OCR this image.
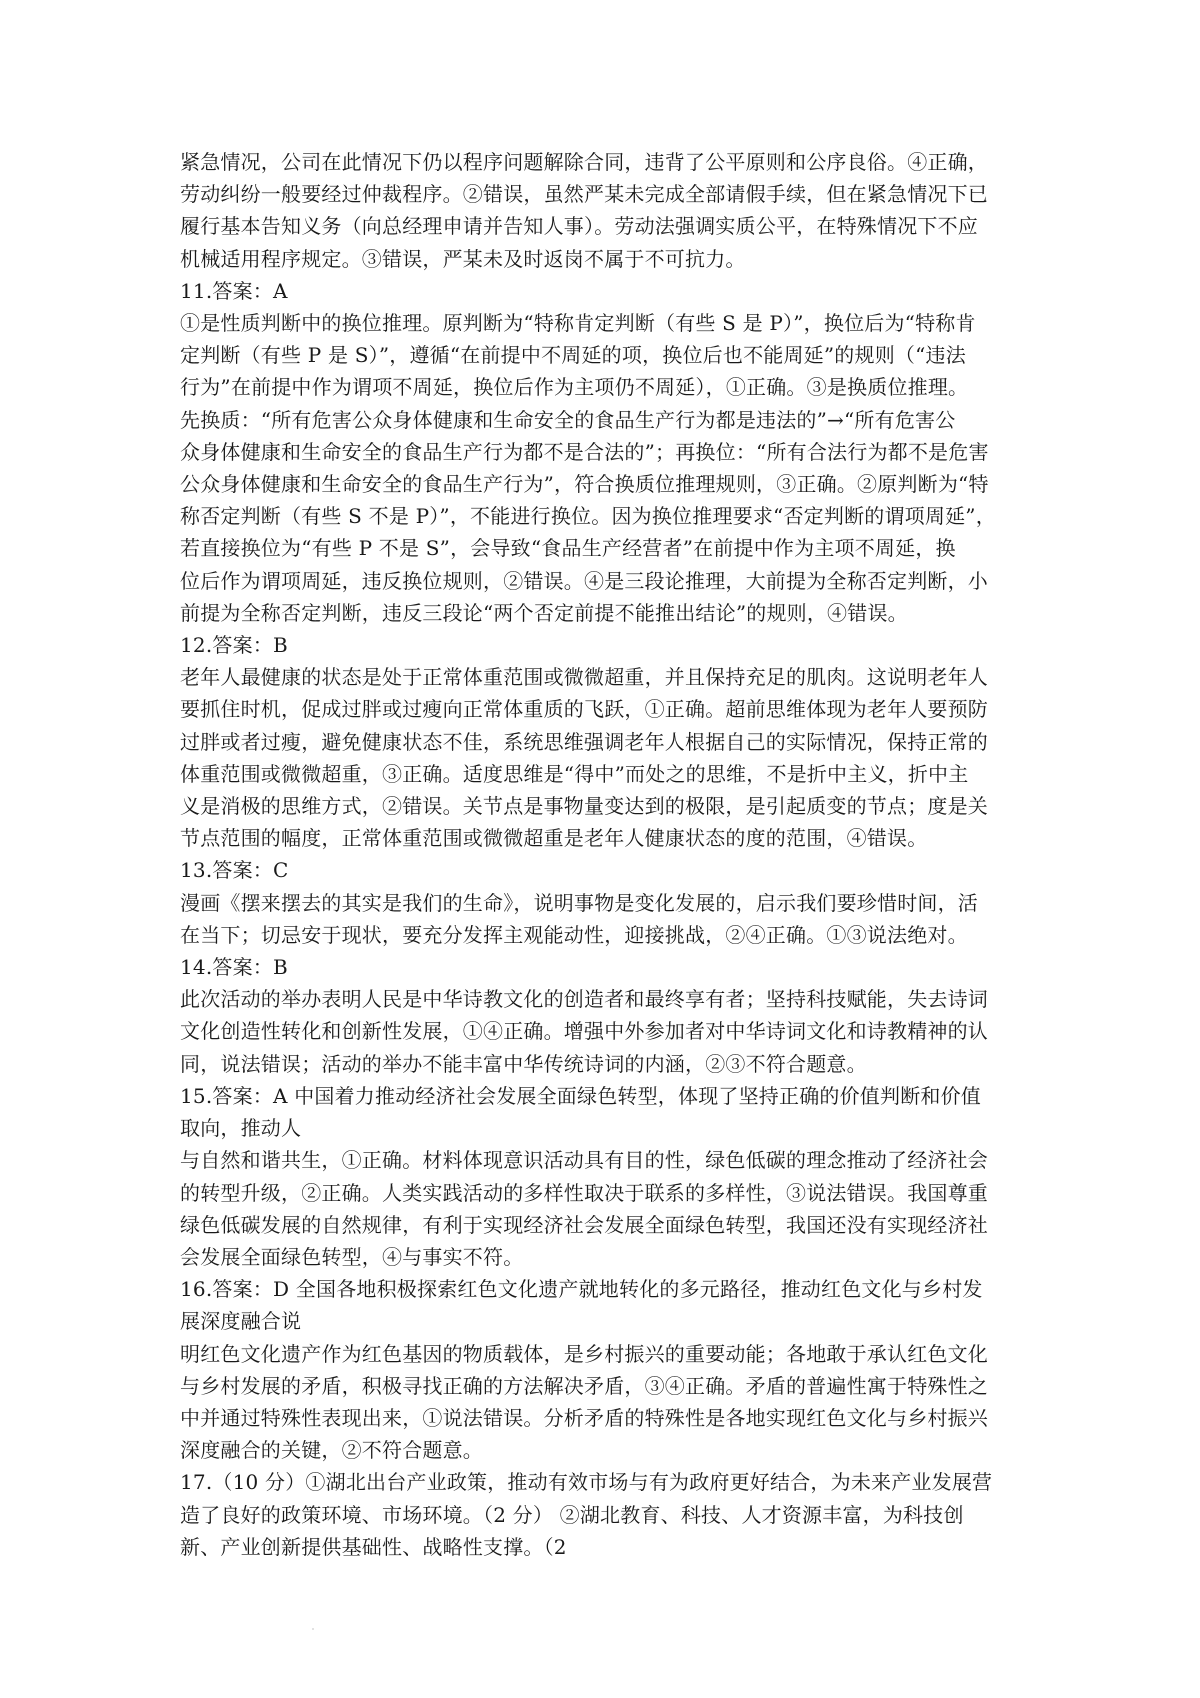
紧急情况，公司在此情况下仍以程序问题解除合同，违背了公平原则和公序良俗。④正确，

劳动纠纷一般要经过仲裁程序。②错误，虽然严某未完成全部请假手续，但在紧急情况下已

履行基本告知义务（向总经理申请并告知人事）。劳动法强调实质公平，在特殊情况下不应

机械适用程序规定。③错误，严某未及时返岗不属于不可抗力。

11.答案：A

①是性质判断中的换位推理。原判断为“特称肯定判断（有些 S 是 P）”，换位后为“特称肯

定判断（有些 P 是 S）”，遵循“在前提中不周延的项，换位后也不能周延”的规则（“违法

行为”在前提中作为谓项不周延，换位后作为主项仍不周延），①正确。③是换质位推理。

先换质：“所有危害公众身体健康和生命安全的食品生产行为都是违法的”→“所有危害公

众身体健康和生命安全的食品生产行为都不是合法的”；再换位：“所有合法行为都不是危害

公众身体健康和生命安全的食品生产行为”，符合换质位推理规则，③正确。②原判断为“特

称否定判断（有些 S 不是 P）”，不能进行换位。因为换位推理要求“否定判断的谓项周延”，

若直接换位为“有些 P 不是 S”，会导致“食品生产经营者”在前提中作为主项不周延，换

位后作为谓项周延，违反换位规则，②错误。④是三段论推理，大前提为全称否定判断，小

前提为全称否定判断，违反三段论“两个否定前提不能推出结论”的规则，④错误。

12.答案：B

老年人最健康的状态是处于正常体重范围或微微超重，并且保持充足的肌肉。这说明老年人

要抓住时机，促成过胖或过瘦向正常体重质的飞跃，①正确。超前思维体现为老年人要预防

过胖或者过瘦，避免健康状态不佳，系统思维强调老年人根据自己的实际情况，保持正常的

体重范围或微微超重，③正确。适度思维是“得中”而处之的思维，不是折中主义，折中主

义是消极的思维方式，②错误。关节点是事物量变达到的极限，是引起质变的节点；度是关

节点范围的幅度，正常体重范围或微微超重是老年人健康状态的度的范围，④错误。

13.答案：C

漫画《摆来摆去的其实是我们的生命》，说明事物是变化发展的，启示我们要珍惜时间，活

在当下；切忌安于现状，要充分发挥主观能动性，迎接挑战，②④正确。①③说法绝对。

14.答案：B

此次活动的举办表明人民是中华诗教文化的创造者和最终享有者；坚持科技赋能，失去诗词

文化创造性转化和创新性发展，①④正确。增强中外参加者对中华诗词文化和诗教精神的认

同，说法错误；活动的举办不能丰富中华传统诗词的内涵，②③不符合题意。

15.答案：A 中国着力推动经济社会发展全面绿色转型，体现了坚持正确的价值判断和价值

取向，推动人

与自然和谐共生，①正确。材料体现意识活动具有目的性，绿色低碳的理念推动了经济社会

的转型升级，②正确。人类实践活动的多样性取决于联系的多样性，③说法错误。我国尊重

绿色低碳发展的自然规律，有利于实现经济社会发展全面绿色转型，我国还没有实现经济社

会发展全面绿色转型，④与事实不符。

16.答案：D 全国各地积极探索红色文化遗产就地转化的多元路径，推动红色文化与乡村发

展深度融合说

明红色文化遗产作为红色基因的物质载体，是乡村振兴的重要动能；各地敢于承认红色文化

与乡村发展的矛盾，积极寻找正确的方法解决矛盾，③④正确。矛盾的普遍性寓于特殊性之

中并通过特殊性表现出来，①说法错误。分析矛盾的特殊性是各地实现红色文化与乡村振兴

深度融合的关键，②不符合题意。

17.（10 分）①湖北出台产业政策，推动有效市场与有为政府更好结合，为未来产业发展营

造了良好的政策环境、市场环境。（2 分） ②湖北教育、科技、人才资源丰富，为科技创

新、产业创新提供基础性、战略性支撑。（2
